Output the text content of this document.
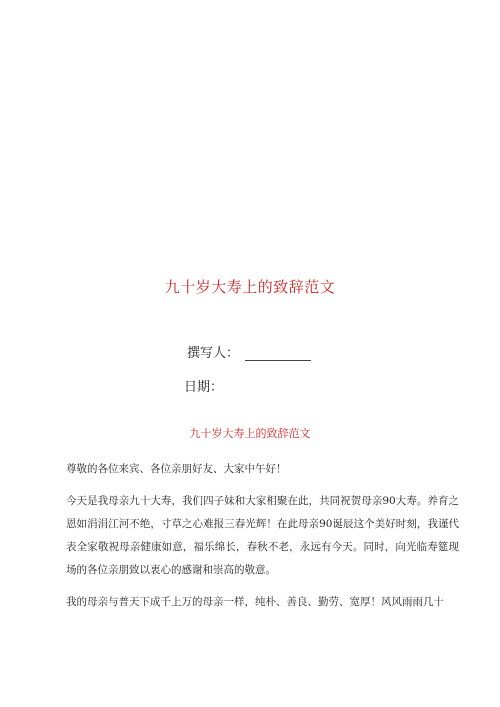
九十岁大寿上的致辞范文
撰写人：
日期：
九十岁大寿上的致辞范文

尊敬的各位来宾、各位亲朋好友、大家中午好！

今天是我母亲九十大寿，我们四子妹和大家相聚在此，共同祝贺母亲90大寿。养育之恩如涓涓江河不绝，寸草之心难报三春光辉！在此母亲90诞辰这个美好时刻，我谨代表全家敬祝母亲健康如意，福乐绵长，春秋不老，永远有今天。同时，向光临寿筵现场的各位亲朋致以衷心的感谢和崇高的敬意。

我的母亲与普天下成千上万的母亲一样，纯朴、善良、勤劳、宽厚！风风雨雨几十
